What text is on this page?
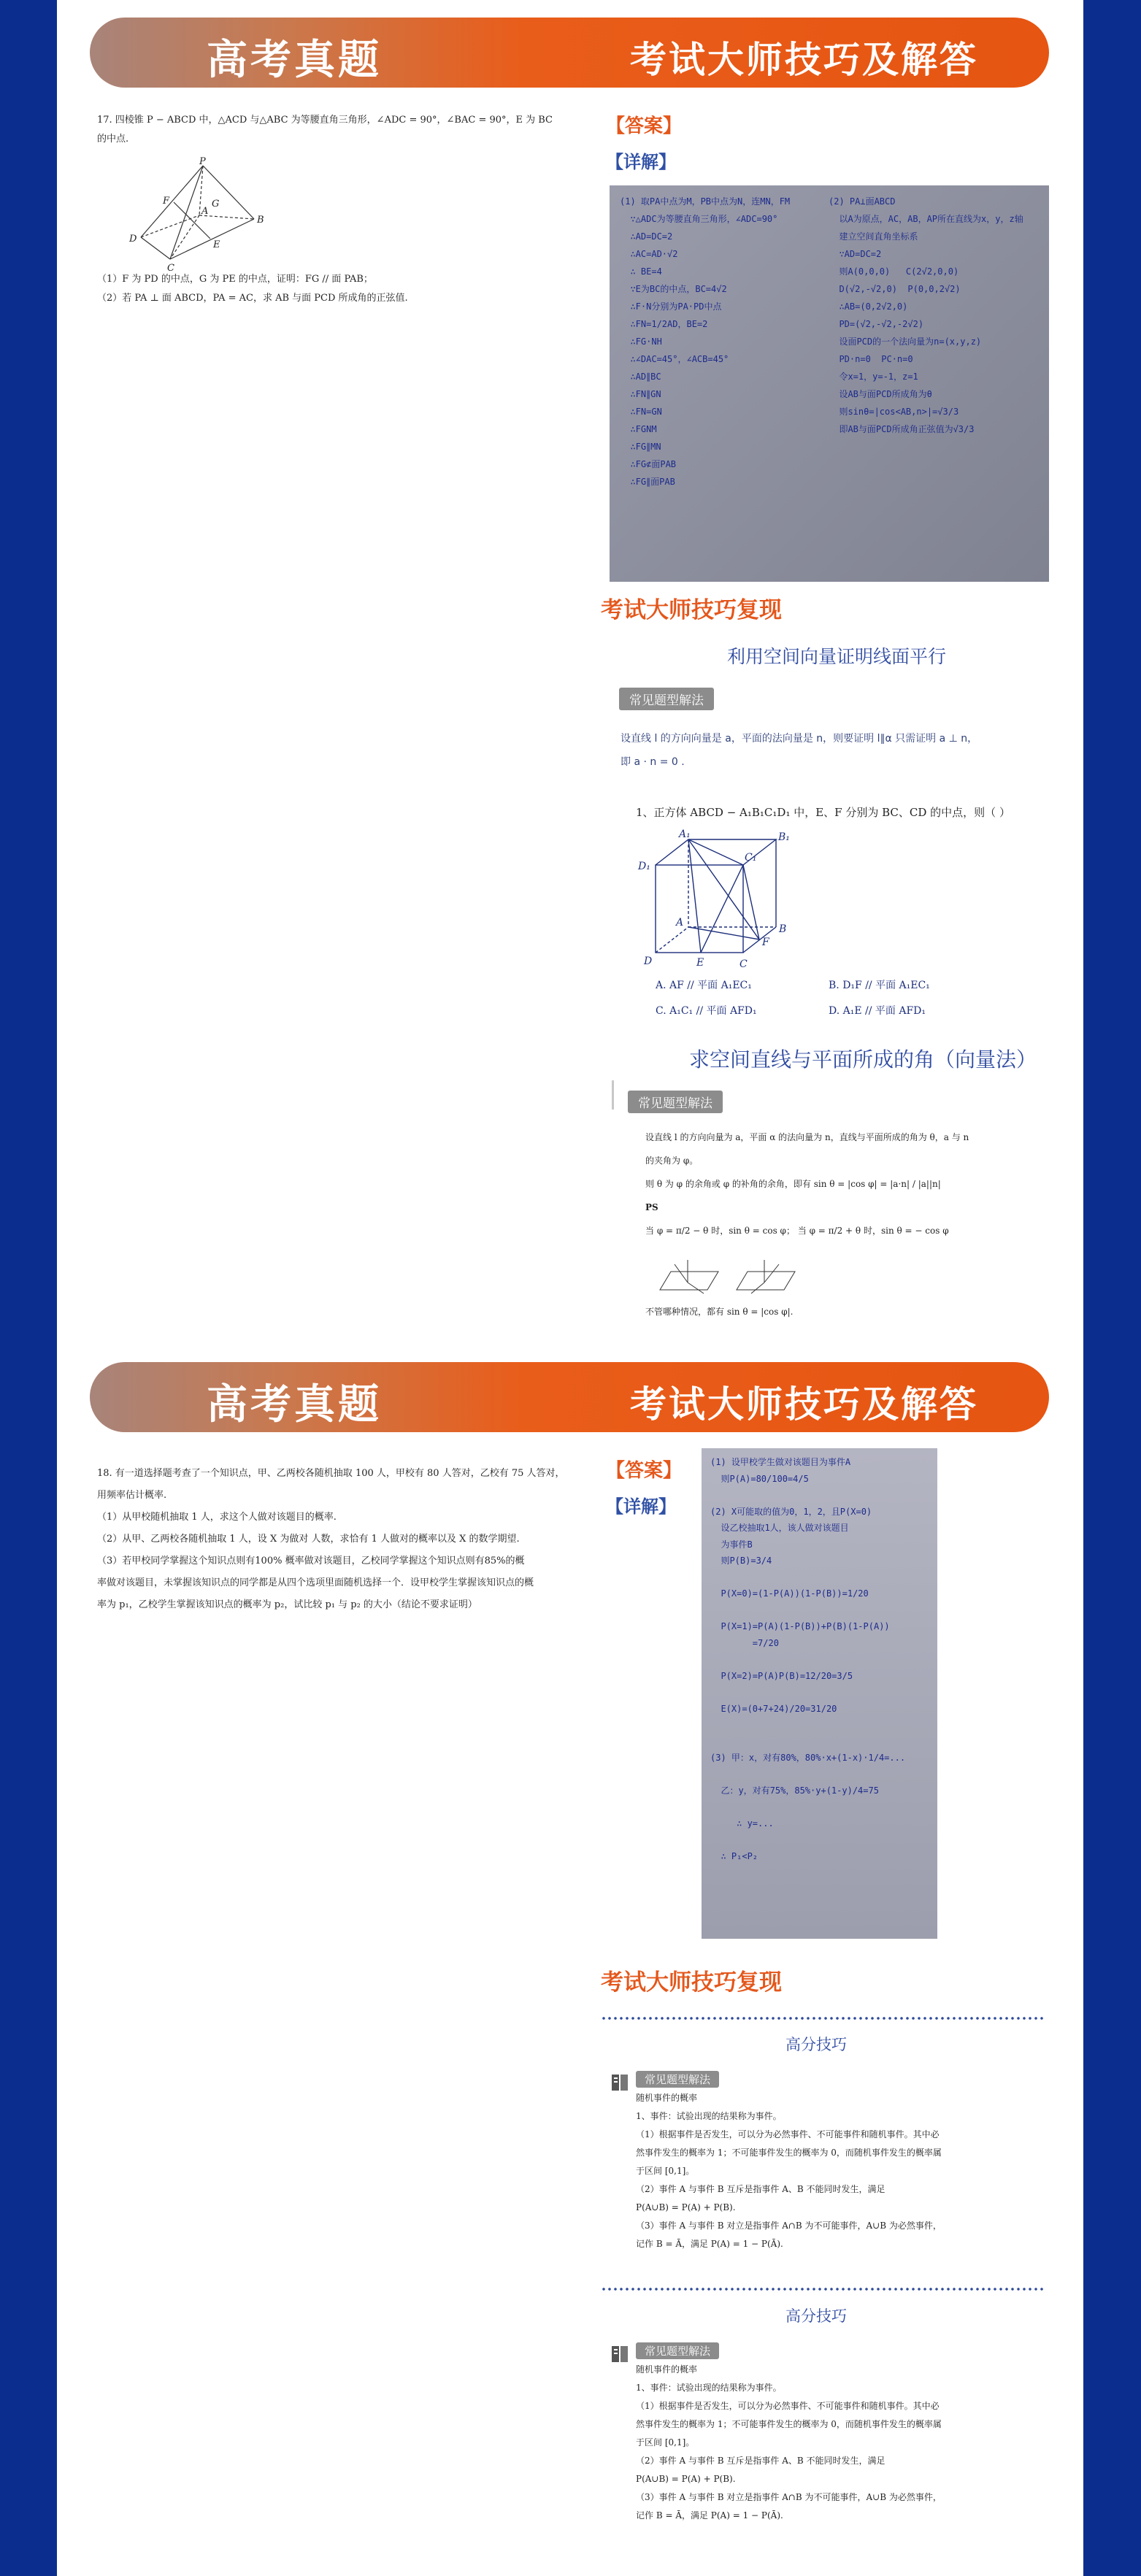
高考真题	考试大师技巧及解答

17. 四棱锥 P − ABCD 中，△ACD 与△ABC 为等腰直角三角形，∠ADC = 90°，∠BAC = 90°，E 为 BC

的中点.

P
F
A
G
B
D
E
C

（1）F 为 PD 的中点，G 为 PE 的中点，证明：FG // 面 PAB；

（2）若 PA ⊥ 面 ABCD，PA = AC，求 AB 与面 PCD 所成角的正弦值.

【答案】
【详解】
(1) 取PA中点为M，PB中点为N，连MN，FM
∵△ADC为等腰直角三角形，∠ADC=90°
∴AD=DC=2
∴AC=AD·√2
∴ BE=4
∵E为BC的中点，BC=4√2
∴F·N分别为PA·PD中点
∴FN=1/2AD，BE=2
∴FG·NH
∴∠DAC=45°，∠ACB=45°
∴AD∥BC
∴FN∥GN
∴FN=GN
∴FGNM
∴FG∥MN
∴FG⊄面PAB
∴FG∥面PAB
(2) PA⊥面ABCD
以A为原点，AC，AB，AP所在直线为x，y，z轴
建立空间直角坐标系
∵AD=DC=2
则A(0,0,0)   C(2√2,0,0)
D(√2,-√2,0)  P(0,0,2√2)
∴AB=(0,2√2,0)
PD=(√2,-√2,-2√2)
设面PCD的一个法向量为n=(x,y,z)
PD·n=0  PC·n=0
令x=1，y=-1，z=1
设AB与面PCD所成角为θ
则sinθ=|cos<AB,n>|=√3/3
即AB与面PCD所成角正弦值为√3/3
考试大师技巧复现
利用空间向量证明线面平行
常见题型解法
设直线 l 的方向向量是 a，平面的法向量是 n，则要证明 l∥α 只需证明 a ⊥ n，
即 a · n = 0 .
1、正方体 ABCD − A₁B₁C₁D₁ 中，E、F 分别为 BC、CD 的中点，则（ ）
A₁
C₁
B₁
D₁
A
E
B
D	C
F
A. AF // 平面 A₁EC₁	B. D₁F // 平面 A₁EC₁
C. A₁C₁ // 平面 AFD₁	D. A₁E // 平面 AFD₁
求空间直线与平面所成的角（向量法）
常见题型解法

设直线 l 的方向向量为 a，平面 α 的法向量为 n，直线与平面所成的角为 θ，a 与 n

的夹角为 φ。

则 θ 为 φ 的余角或 φ 的补角的余角，即有 sin θ = |cos φ| = |a·n| / |a||n|

PS

当 φ = π/2 − θ 时，sin θ = cos φ； 当 φ = π/2 + θ 时，sin θ = − cos φ

不管哪种情况，都有 sin θ = |cos φ|.
高考真题	考试大师技巧及解答

18. 有一道选择题考查了一个知识点，甲、乙两校各随机抽取 100 人，甲校有 80 人答对，乙校有 75 人答对，

用频率估计概率.

（1）从甲校随机抽取 1 人，求这个人做对该题目的概率.

（2）从甲、乙两校各随机抽取 1 人，设 X 为做对 人数，求恰有 1 人做对的概率以及 X 的数学期望.

（3）若甲校同学掌握这个知识点则有100% 概率做对该题目，乙校同学掌握这个知识点则有85%的概

率做对该题目，未掌握该知识点的同学都是从四个选项里面随机选择一个．设甲校学生掌握该知识点的概

率为 p₁，乙校学生掌握该知识点的概率为 p₂，试比较 p₁ 与 p₂ 的大小（结论不要求证明）

【答案】
【详解】
(1) 设甲校学生做对该题目为事件A
则P(A)=80/100=4/5

(2) X可能取的值为0，1，2，且P(X=0)
设乙校抽取1人，该人做对该题目
为事件B
则P(B)=3/4

P(X=0)=(1-P(A))(1-P(B))=1/20

P(X=1)=P(A)(1-P(B))+P(B)(1-P(A))
=7/20

P(X=2)=P(A)P(B)=12/20=3/5

E(X)=(0+7+24)/20=31/20

(3) 甲：x，对有80%，80%·x+(1-x)·1/4=...

乙：y，对有75%，85%·y+(1-y)/4=75

∴ y=...

∴ P₁<P₂
考试大师技巧复现
高分技巧
常见题型解法

随机事件的概率

1、事件：试验出现的结果称为事件。

（1）根据事件是否发生，可以分为必然事件、不可能事件和随机事件。其中必

然事件发生的概率为 1；不可能事件发生的概率为 0，而随机事件发生的概率属

于区间 [0,1]。

（2）事件 A 与事件 B 互斥是指事件 A、B 不能同时发生，满足

P(A∪B) = P(A) + P(B).

（3）事件 A 与事件 B 对立是指事件 A∩B 为不可能事件，A∪B 为必然事件，

记作 B = Ā，满足 P(A) = 1 − P(Ā).

高分技巧
常见题型解法

随机事件的概率

1、事件：试验出现的结果称为事件。

（1）根据事件是否发生，可以分为必然事件、不可能事件和随机事件。其中必

然事件发生的概率为 1；不可能事件发生的概率为 0，而随机事件发生的概率属

于区间 [0,1]。

（2）事件 A 与事件 B 互斥是指事件 A、B 不能同时发生，满足

P(A∪B) = P(A) + P(B).

（3）事件 A 与事件 B 对立是指事件 A∩B 为不可能事件，A∪B 为必然事件，

记作 B = Ā，满足 P(A) = 1 − P(Ā).
